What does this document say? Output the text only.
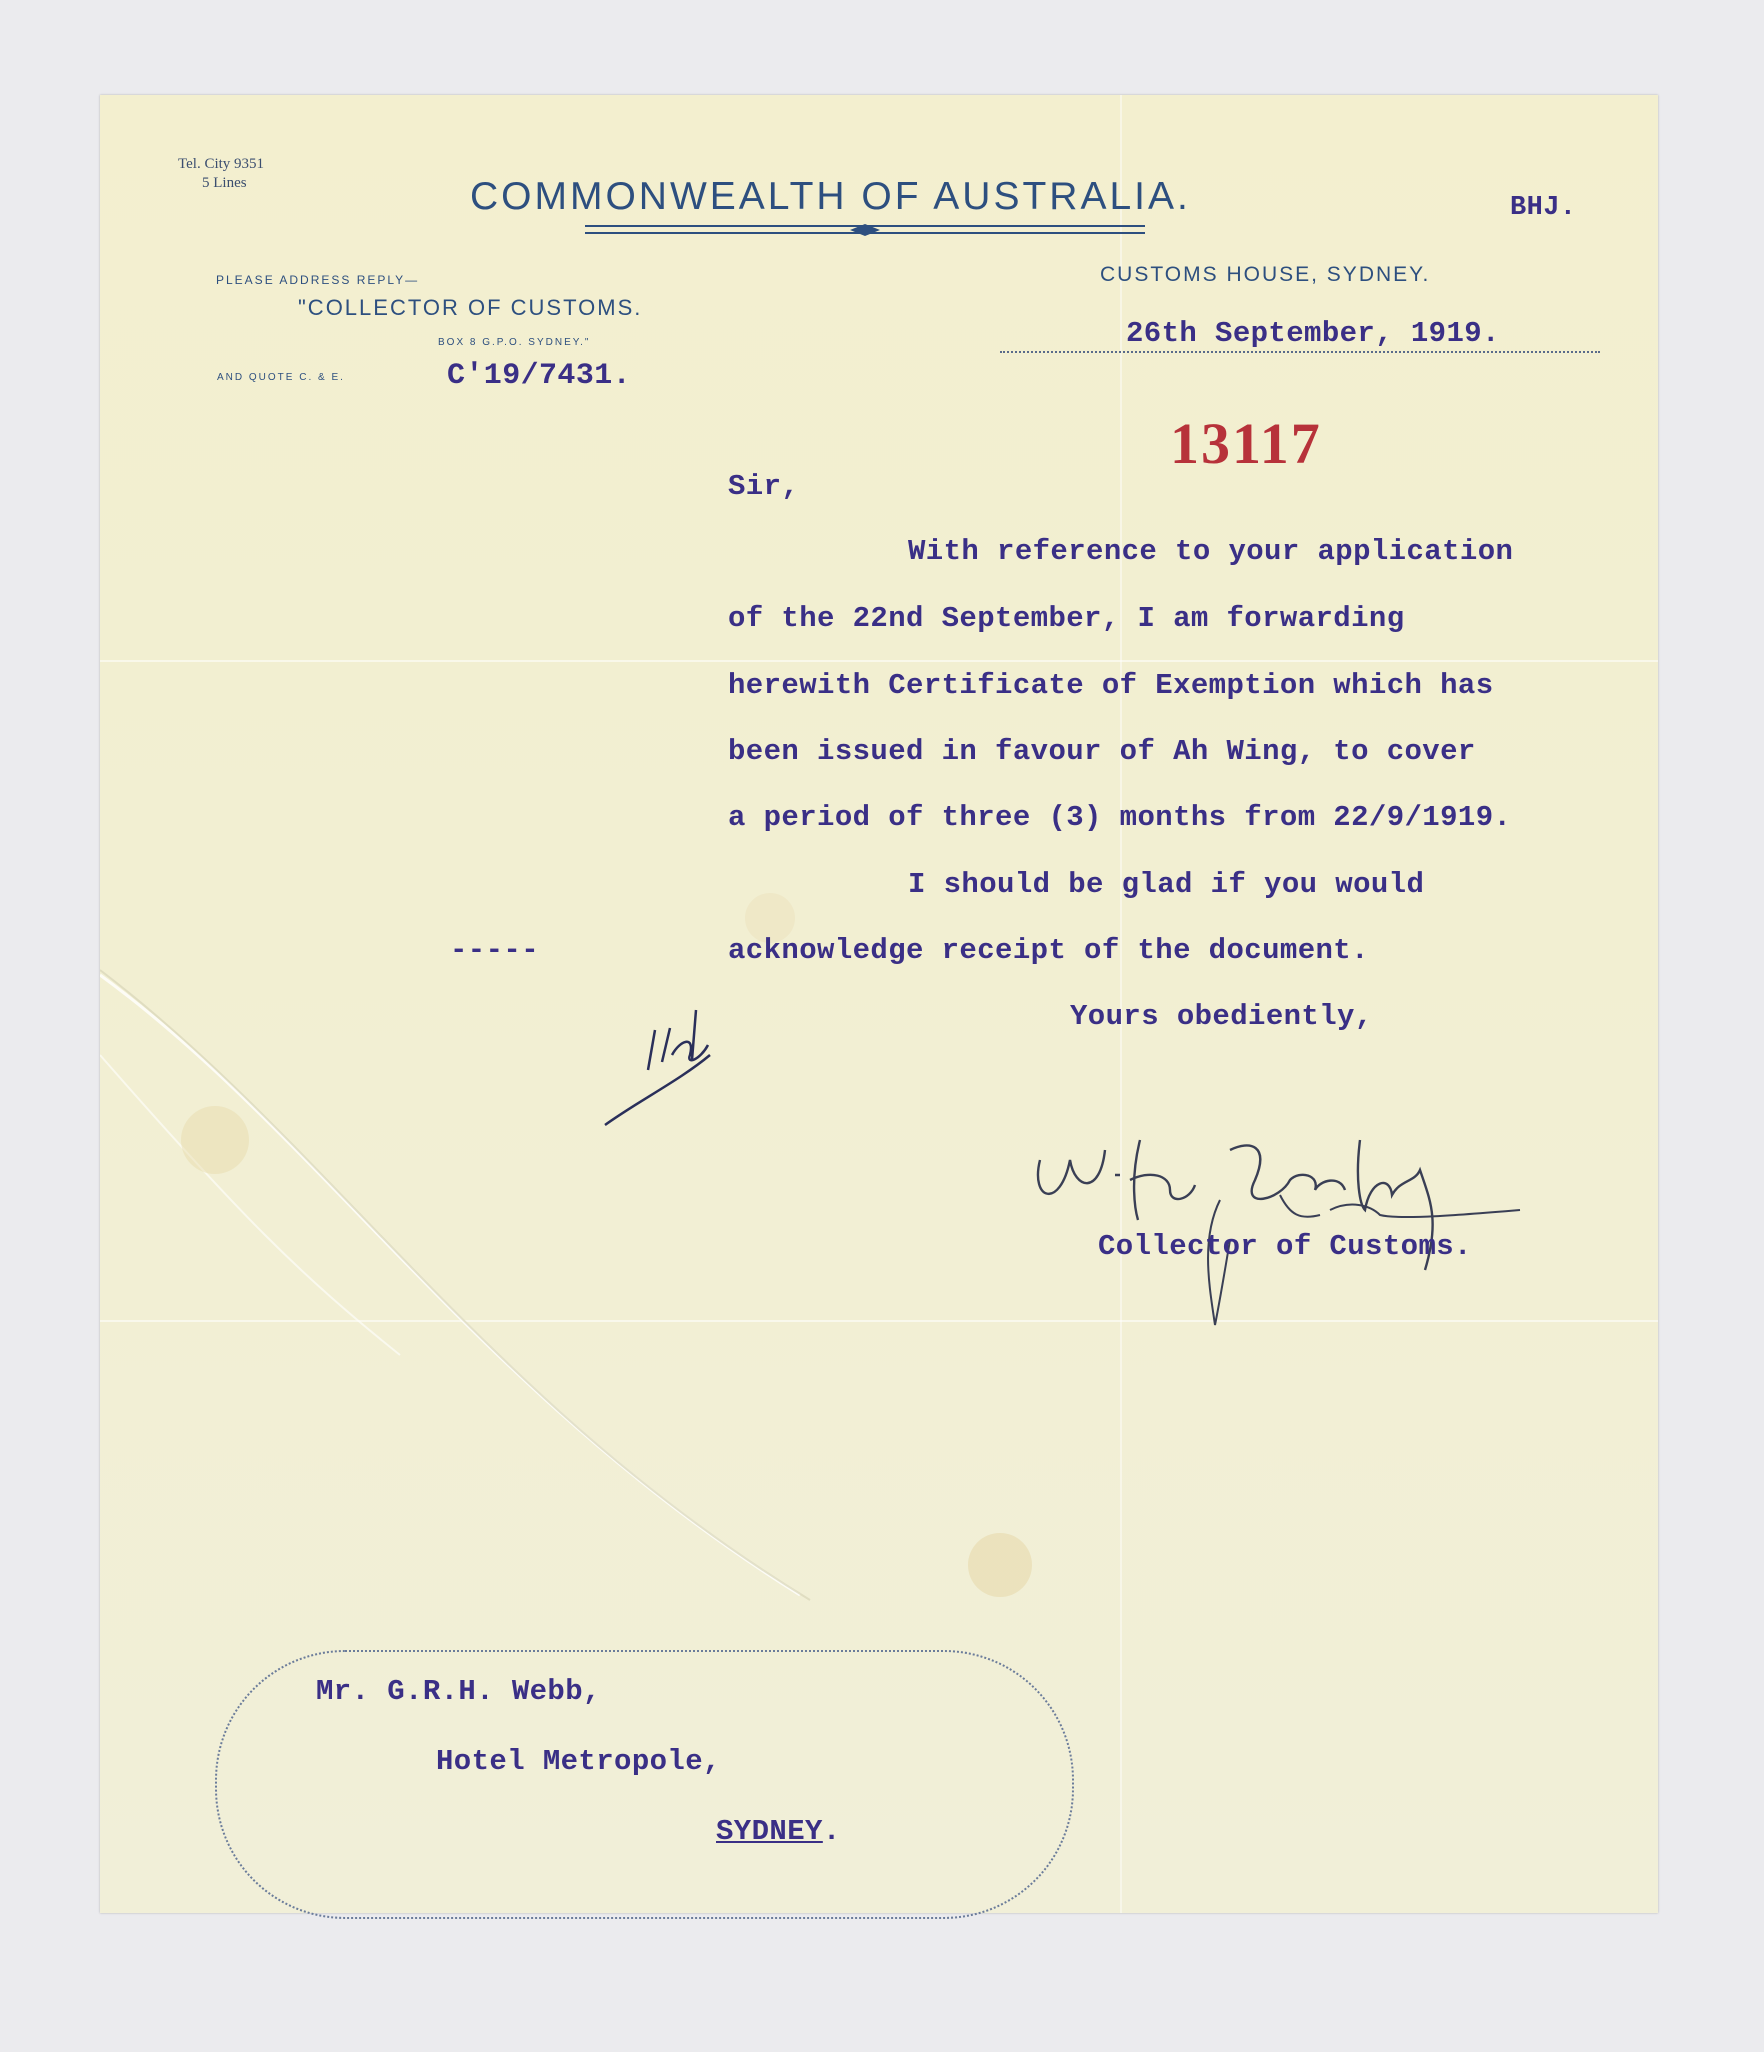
Tel. City 9351
5 Lines	COMMONWEALTH OF AUSTRALIA.	BHJ.
PLEASE ADDRESS REPLY—
"COLLECTOR OF CUSTOMS.
BOX 8 G.P.O. SYDNEY."
AND QUOTE C. & E.	C'19/7431.
CUSTOMS HOUSE, SYDNEY.
26th September, 1919.
13117
Sir,
With reference to your application
of the 22nd September, I am forwarding
herewith Certificate of Exemption which has
been issued in favour of Ah Wing, to cover
a period of three (3) months from 22/9/1919.
I should be glad if you would
acknowledge receipt of the document.
-----
Yours obediently,
Collector of Customs.
Mr. G.R.H. Webb,
Hotel Metropole,
SYDNEY.
